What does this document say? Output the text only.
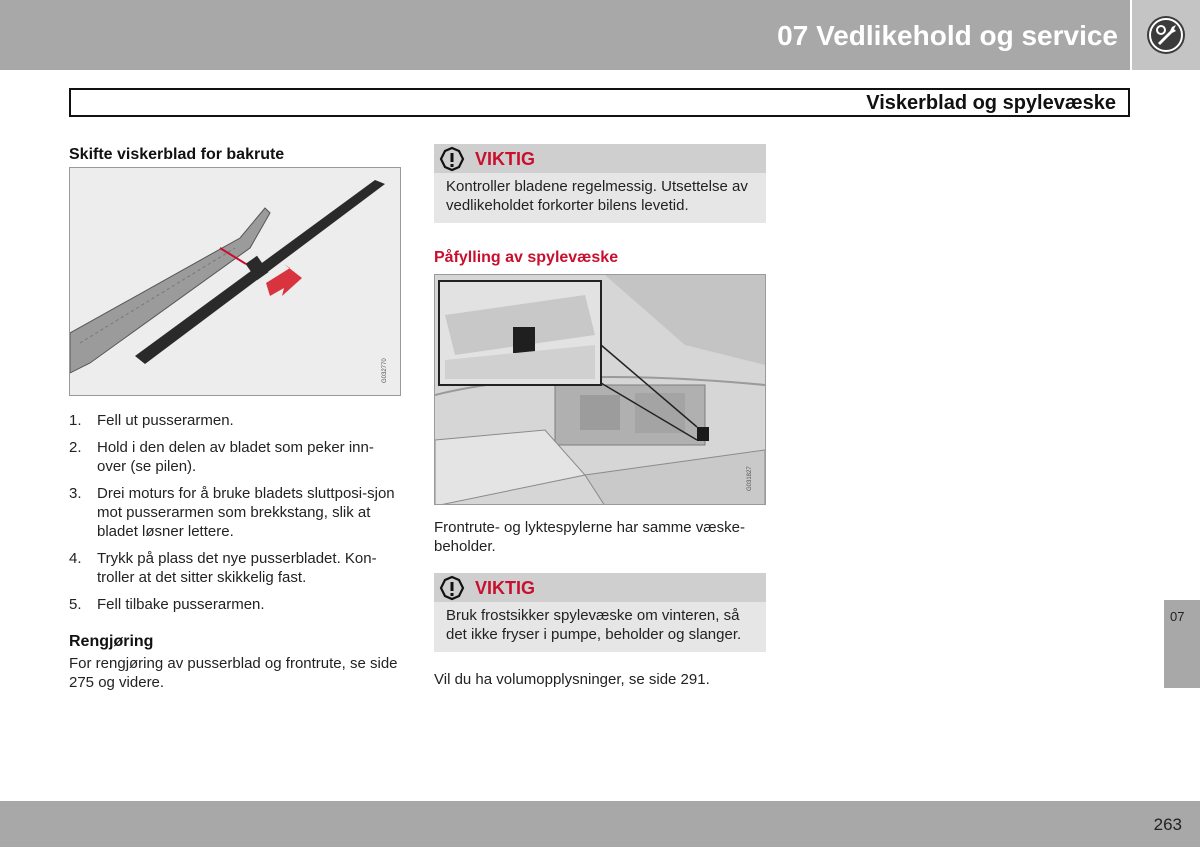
07 Vedlikehold og service
Viskerblad og spylevæske
Skifte viskerblad for bakrute
G032770
1. Fell ut pusserarmen.
2. Hold i den delen av bladet som peker inn-over (se pilen).
3. Drei moturs for å bruke bladets sluttposi-sjon mot pusserarmen som brekkstang, slik at bladet løsner lettere.
4. Trykk på plass det nye pusserbladet. Kon-troller at det sitter skikkelig fast.
5. Fell tilbake pusserarmen.
Rengjøring
For rengjøring av pusserblad og frontrute, se side 275 og videre.
VIKTIG
Kontroller bladene regelmessig. Utsettelse av vedlikeholdet forkorter bilens levetid.
Påfylling av spylevæske
G031827
Frontrute- og lyktespylerne har samme væske-beholder.
VIKTIG
Bruk frostsikker spylevæske om vinteren, så det ikke fryser i pumpe, beholder og slanger.
Vil du ha volumopplysninger, se side 291.
07
263
